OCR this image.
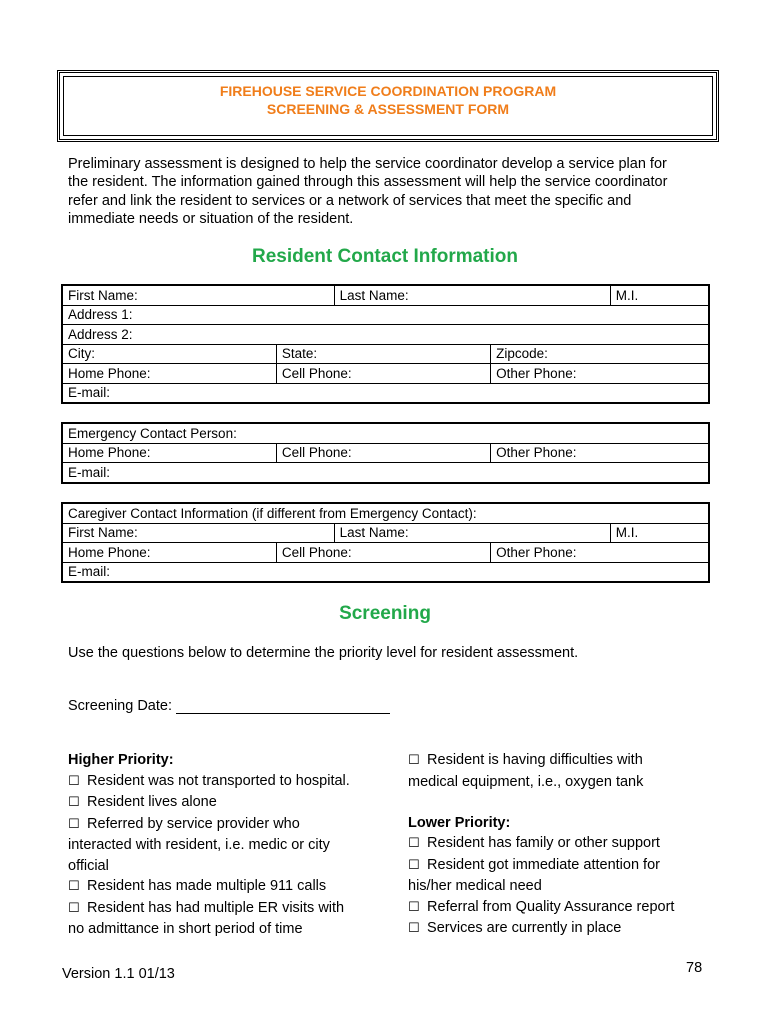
FIREHOUSE SERVICE COORDINATION PROGRAM
SCREENING & ASSESSMENT FORM
Preliminary assessment is designed to help the service coordinator develop a service plan for
the resident. The information gained through this assessment will help the service coordinator
refer and link the resident to services or a network of services that meet the specific and
immediate needs or situation of the resident.
Resident Contact Information
First Name:		Last Name:		M.I.
Address 1:				
Address 2:				
City:	State:		Zipcode:	
Home Phone:	Cell Phone:		Other Phone:	
E-mail:				
Emergency Contact Person:
Home Phone:	Cell Phone:	Other Phone:
E-mail:
Caregiver Contact Information (if different from Emergency Contact):				
First Name:		Last Name:		M.I.
Home Phone:	Cell Phone:		Other Phone:	
E-mail:				
Screening
Use the questions below to determine the priority level for resident assessment.
Screening Date:
Higher Priority:
☐ Resident was not transported to hospital.
☐ Resident lives alone
☐ Referred by service provider who
interacted with resident, i.e. medic or city
official
☐ Resident has made multiple 911 calls
☐ Resident has had multiple ER visits with
no admittance in short period of time
☐ Resident is having difficulties with
medical equipment, i.e., oxygen tank
Lower Priority:
☐ Resident has family or other support
☐ Resident got immediate attention for
his/her medical need
☐ Referral from Quality Assurance report
☐ Services are currently in place
Version 1.1 01/13	78
